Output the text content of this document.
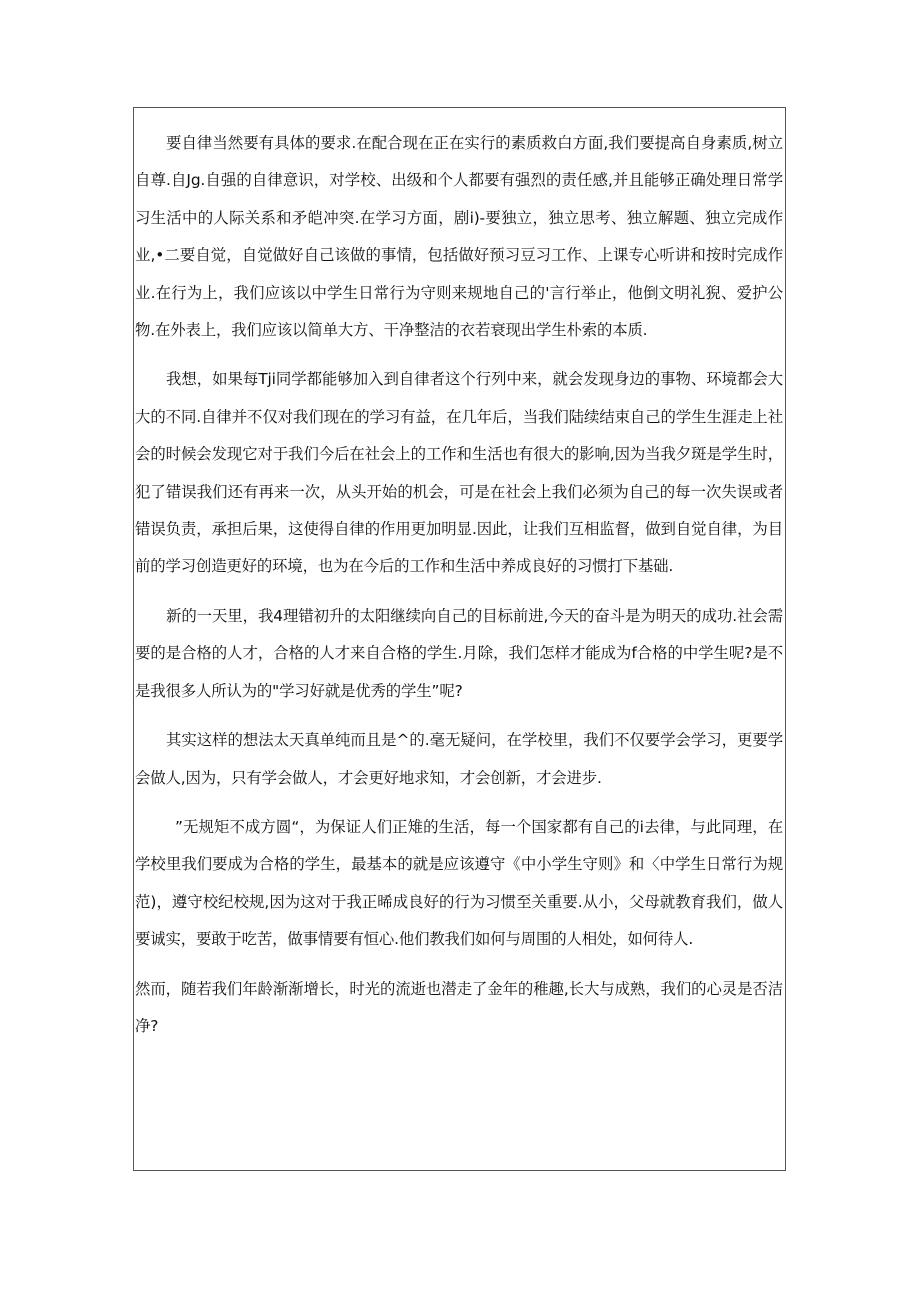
要自律当然要有具体的要求.在配合现在正在实行的素质救白方面,我们要提高自身素质,树立自尊.自Jg.自强的自律意识，对学校、出级和个人都要有强烈的责任感,并且能够正确处理日常学习生活中的人际关系和矛皑冲突.在学习方面，剧i)-要独立，独立思考、独立解题、独立完成作业,•二要自觉，自觉做好自己该做的事情，包括做好预习豆习工作、上课专心听讲和按时完成作业.在行为上，我们应该以中学生日常行为守则来规地自己的'言行举止，他倒文明礼猊、爱护公物.在外表上，我们应该以简单大方、干净整洁的衣若衰现出学生朴索的本质.

我想，如果每Tji同学都能够加入到自律者这个行列中来，就会发现身边的事物、环境都会大大的不同.自律并不仅对我们现在的学习有益，在几年后，当我们陆续结束自己的学生生涯走上社会的时候会发现它对于我们今后在社会上的工作和生活也有很大的影响,因为当我夕斑是学生时，犯了错误我们还有再来一次，从头开始的机会，可是在社会上我们必须为自己的每一次失误或者错误负责，承担后果，这使得自律的作用更加明显.因此，让我们互相监督，做到自觉自律，为目前的学习创造更好的环境，也为在今后的工作和生活中养成良好的习惯打下基础.

新的一天里，我4理错初升的太阳继续向自己的目标前进,今天的奋斗是为明天的成功.社会需要的是合格的人才，合格的人才来自合格的学生.月除，我们怎样才能成为f合格的中学生呢?是不是我很多人所认为的"学习好就是优秀的学生”呢?

其实这样的想法太天真单纯而且是^的.毫无疑问，在学校里，我们不仅要学会学习，更要学会做人,因为，只有学会做人，才会更好地求知，才会创新，才会进步.

”无规矩不成方圆“，为保证人们正雉的生活，每一个国家都有自己的i去律，与此同理，在学校里我们要成为合格的学生，最基本的就是应该遵守《中小学生守则》和〈中学生日常行为规范)，遵守校纪校规,因为这对于我正晞成良好的行为习惯至关重要.从小，父母就教育我们，做人要诚实，要敢于吃苦，做事情要有恒心.他们教我们如何与周围的人相处，如何待人.

然而，随若我们年龄渐渐增长，时光的流逝也潜走了金年的稚趣,长大与成熟，我们的心灵是否洁净?
